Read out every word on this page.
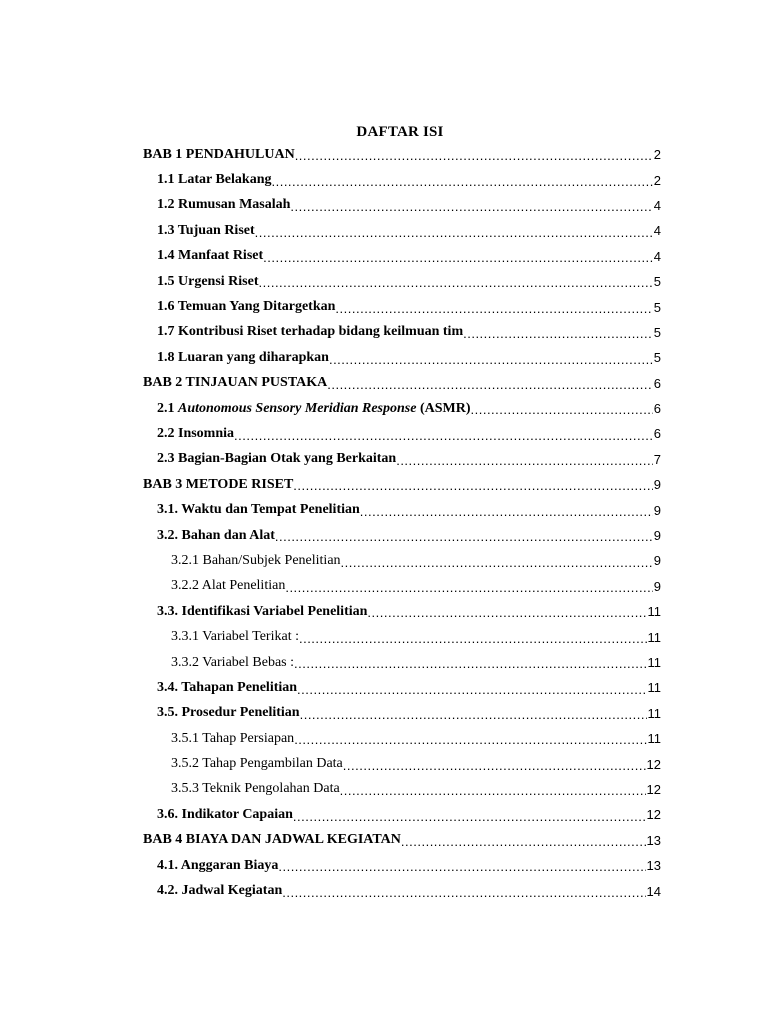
DAFTAR ISI
BAB 1 PENDAHULUAN .....	2
1.1 Latar Belakang .....	2
1.2 Rumusan Masalah .....	4
1.3 Tujuan Riset .....	4
1.4 Manfaat Riset .....	4
1.5 Urgensi Riset .....	5
1.6 Temuan Yang Ditargetkan .....	5
1.7 Kontribusi Riset terhadap bidang keilmuan tim .....	5
1.8 Luaran yang diharapkan .....	5
BAB 2 TINJAUAN PUSTAKA .....	6
2.1 Autonomous Sensory Meridian Response (ASMR) .....	6
2.2 Insomnia .....	6
2.3 Bagian-Bagian Otak yang Berkaitan .....	7
BAB 3 METODE RISET .....	9
3.1. Waktu dan Tempat Penelitian .....	9
3.2. Bahan dan Alat .....	9
3.2.1 Bahan/Subjek Penelitian .....	9
3.2.2 Alat Penelitian .....	9
3.3. Identifikasi Variabel Penelitian .....	11
3.3.1 Variabel Terikat : .....	11
3.3.2 Variabel Bebas : .....	11
3.4. Tahapan Penelitian .....	11
3.5. Prosedur Penelitian .....	11
3.5.1 Tahap Persiapan .....	11
3.5.2 Tahap Pengambilan Data .....	12
3.5.3 Teknik Pengolahan Data .....	12
3.6. Indikator Capaian .....	12
BAB 4 BIAYA DAN JADWAL KEGIATAN .....	13
4.1. Anggaran Biaya .....	13
4.2. Jadwal Kegiatan .....	14
